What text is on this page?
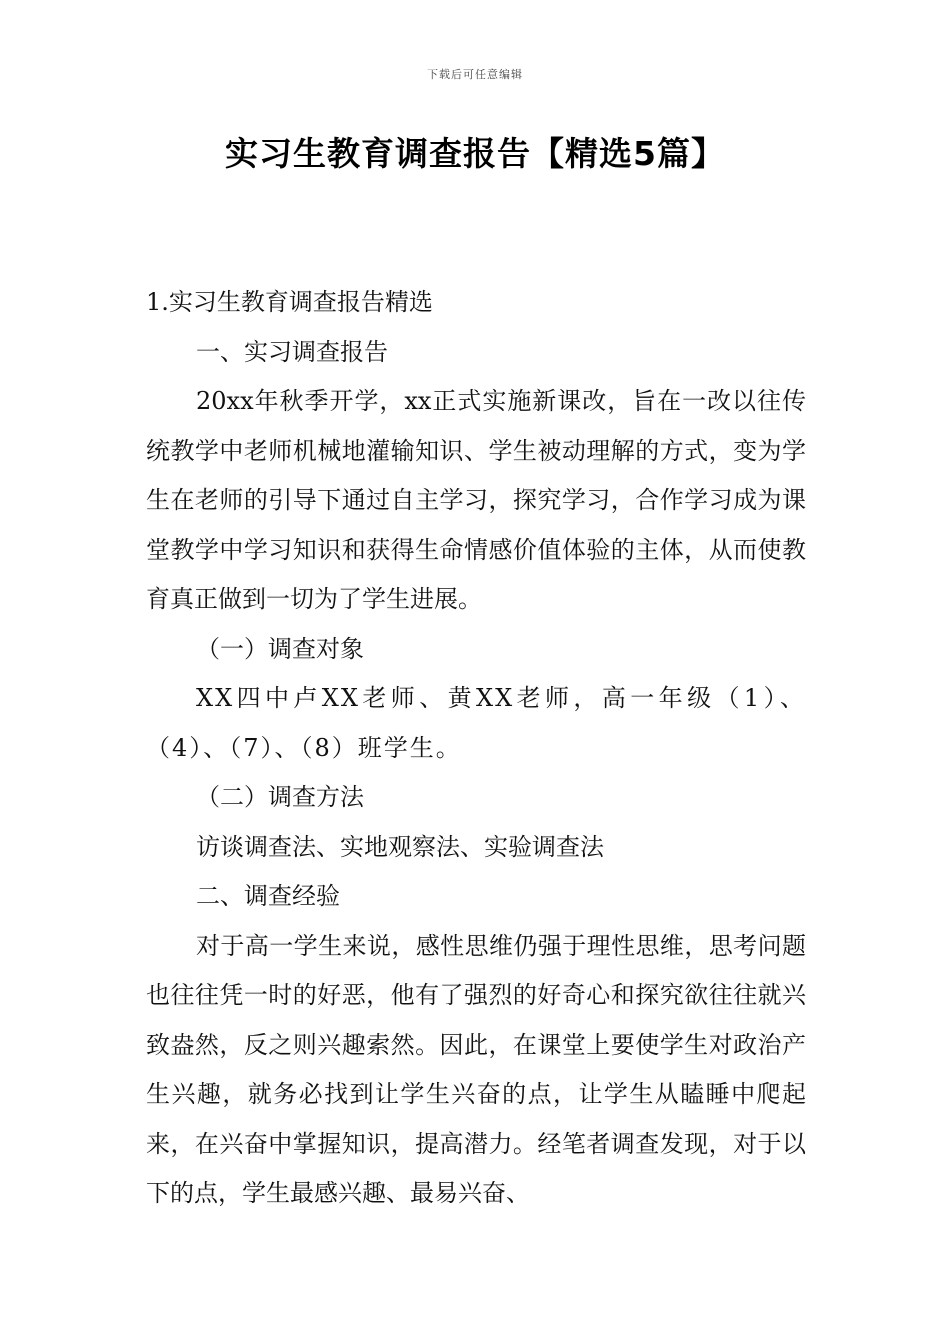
下载后可任意编辑
实习生教育调查报告【精选5篇】

1.实习生教育调查报告精选

一、实习调查报告

20xx年秋季开学，xx正式实施新课改，旨在一改以往传统教学中老师机械地灌输知识、学生被动理解的方式，变为学生在老师的引导下通过自主学习，探究学习，合作学习成为课堂教学中学习知识和获得生命情感价值体验的主体，从而使教育真正做到一切为了学生进展。

（一）调查对象

XX四中卢XX老师、黄XX老师，高一年级（1）、（4）、（7）、（8）班学生。

（二）调查方法

访谈调查法、实地观察法、实验调查法

二、调查经验

对于高一学生来说，感性思维仍强于理性思维，思考问题也往往凭一时的好恶，他有了强烈的好奇心和探究欲往往就兴致盎然，反之则兴趣索然。因此，在课堂上要使学生对政治产生兴趣，就务必找到让学生兴奋的点，让学生从瞌睡中爬起来，在兴奋中掌握知识，提高潜力。经笔者调查发现，对于以下的点，学生最感兴趣、最易兴奋、
